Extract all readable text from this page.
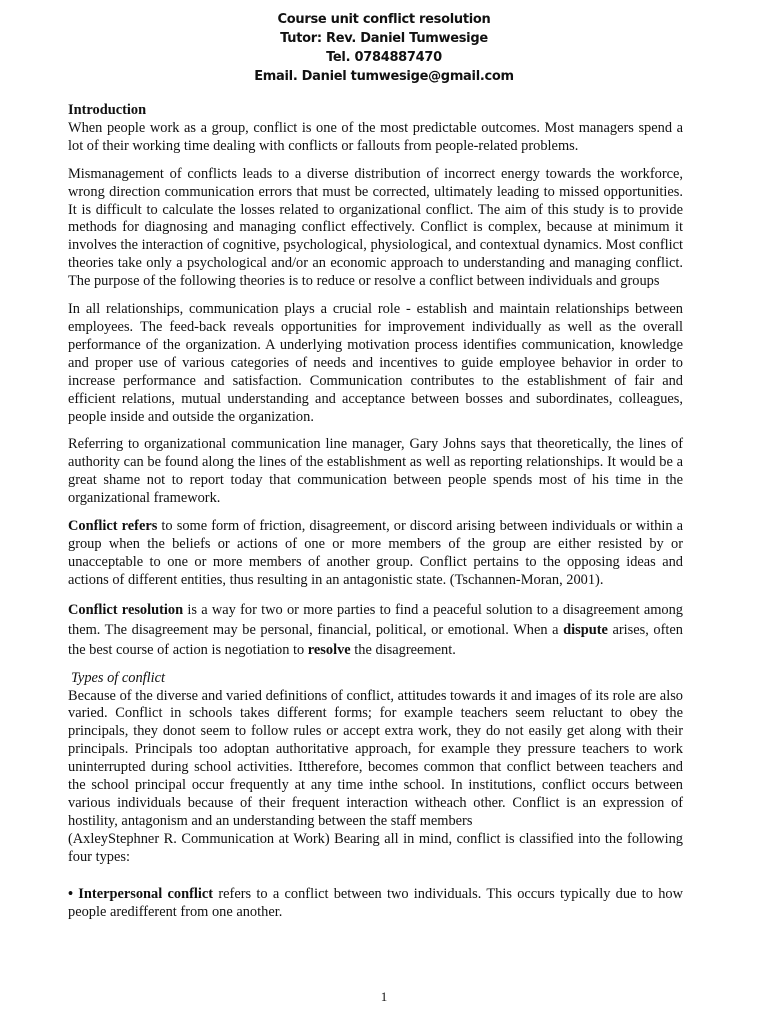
Course unit conflict resolution
Tutor: Rev. Daniel Tumwesige
Tel. 0784887470
Email. Daniel tumwesige@gmail.com
Introduction

When people work as a group, conflict is one of the most predictable outcomes. Most managers spend a lot of their working time dealing with conflicts or fallouts from people-related problems.

Mismanagement of conflicts leads to a diverse distribution of incorrect energy towards the workforce, wrong direction communication errors that must be corrected, ultimately leading to missed opportunities. It is difficult to calculate the losses related to organizational conflict. The aim of this study is to provide methods for diagnosing and managing conflict effectively. Conflict is complex, because at minimum it involves the interaction of cognitive, psychological, physiological, and contextual dynamics. Most conflict theories take only a psychological and/or an economic approach to understanding and managing conflict. The purpose of the following theories is to reduce or resolve a conflict between individuals and groups

In all relationships, communication plays a crucial role - establish and maintain relationships between employees. The feed-back reveals opportunities for improvement individually as well as the overall performance of the organization. A underlying motivation process identifies communication, knowledge and proper use of various categories of needs and incentives to guide employee behavior in order to increase performance and satisfaction. Communication contributes to the establishment of fair and efficient relations, mutual understanding and acceptance between bosses and subordinates, colleagues, people inside and outside the organization.

Referring to organizational communication line manager, Gary Johns says that theoretically, the lines of authority can be found along the lines of the establishment as well as reporting relationships. It would be a great shame not to report today that communication between people spends most of his time in the organizational framework.

Conflict refers to some form of friction, disagreement, or discord arising between individuals or within a group when the beliefs or actions of one or more members of the group are either resisted by or unacceptable to one or more members of another group. Conflict pertains to the opposing ideas and actions of different entities, thus resulting in an antagonistic state. (Tschannen-Moran, 2001).

Conflict resolution is a way for two or more parties to find a peaceful solution to a disagreement among them. The disagreement may be personal, financial, political, or emotional. When a dispute arises, often the best course of action is negotiation to resolve the disagreement.

Types of conflict
Because of the diverse and varied definitions of conflict, attitudes towards it and images of its role are also varied. Conflict in schools takes different forms; for example teachers seem reluctant to obey the principals, they donot seem to follow rules or accept extra work, they do not easily get along with their principals. Principals too adoptan authoritative approach, for example they pressure teachers to work uninterrupted during school activities. Ittherefore, becomes common that conflict between teachers and the school principal occur frequently at any time inthe school. In institutions, conflict occurs between various individuals because of their frequent interaction witheach other. Conflict is an expression of hostility, antagonism and an understanding between the staff members
(AxleyStephner R. Communication at Work) Bearing all in mind, conflict is classified into the following four types:
• Interpersonal conflict refers to a conflict between two individuals. This occurs typically due to how people aredifferent from one another.
1
